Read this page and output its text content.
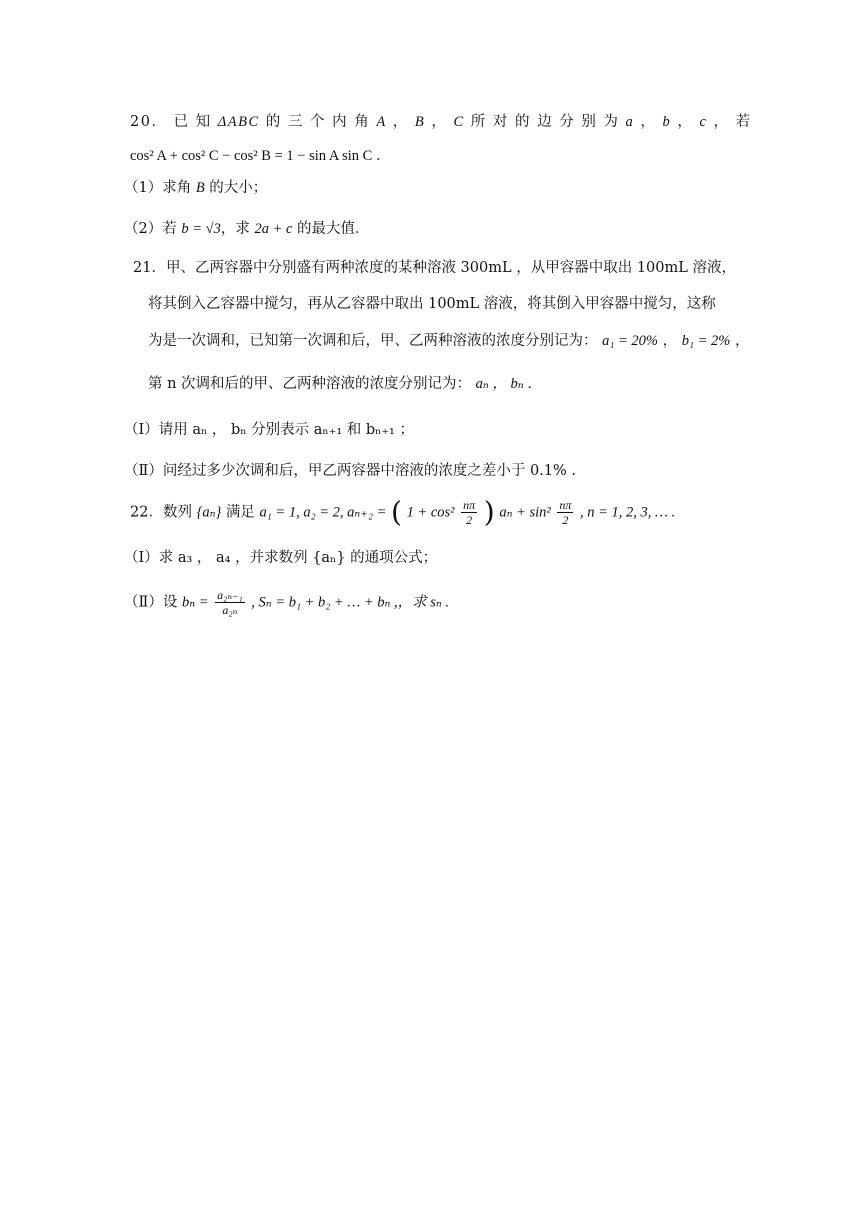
20． 已 知 ΔABC 的 三 个 内 角 A ， B ， C 所 对 的 边 分 别 为 a ， b ， c ， 若
cos² A + cos² C − cos² B = 1 − sin A sin C ．
（1）求角 B 的大小；
（2）若 b = √3，求 2a + c 的最大值．
21．甲、乙两容器中分别盛有两种浓度的某种溶液 300mL ，从甲容器中取出 100mL 溶液，
将其倒入乙容器中搅匀，再从乙容器中取出 100mL 溶液，将其倒入甲容器中搅匀，这称
为是一次调和，已知第一次调和后，甲、乙两种溶液的浓度分别记为： a₁ = 20% ， b₁ = 2% ，
第 n 次调和后的甲、乙两种溶液的浓度分别记为： aₙ ， bₙ ．
（Ⅰ）请用 aₙ ， bₙ 分别表示 aₙ₊₁ 和 bₙ₊₁ ；
（Ⅱ）问经过多少次调和后，甲乙两容器中溶液的浓度之差小于 0.1% .
22．数列 {aₙ} 满足 a₁ = 1, a₂ = 2, aₙ₊₂ = ( $1 + \cos^2 \frac{n\pi}{2}$ ) $a_n + \sin^2 \frac{n\pi}{2}$ , n = 1, 2, 3, … .
（Ⅰ）求 a₃ ， a₄ ，并求数列 {aₙ} 的通项公式；
（Ⅱ）设 $b_n = \frac{\text{a₂ₙ₋₁}}{\text{a₂ₙ}}$ , Sₙ = b₁ + b₂ + … + bₙ ,，求 sₙ .
